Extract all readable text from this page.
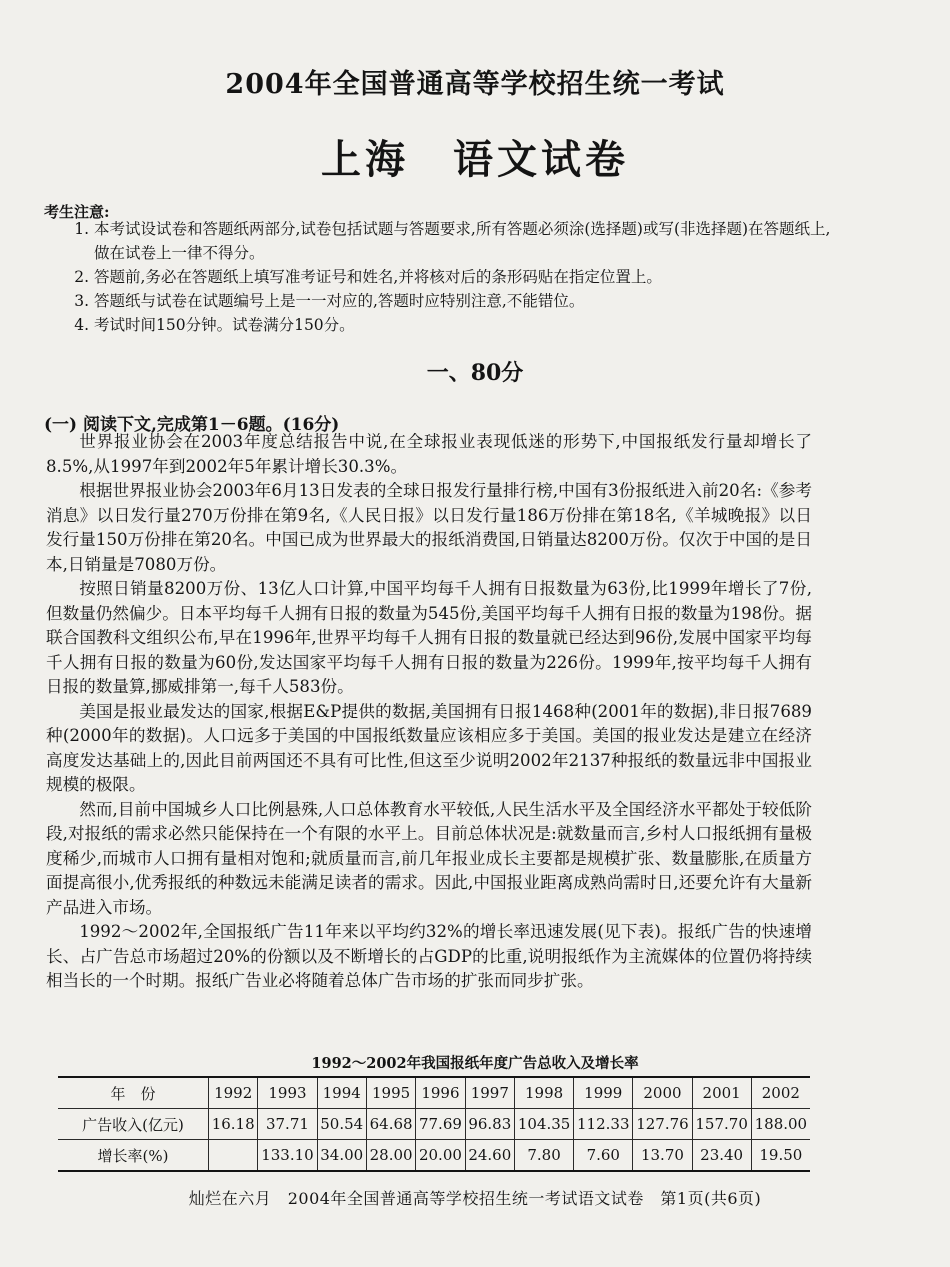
2004年全国普通高等学校招生统一考试
上海 语文试卷
考生注意:
1. 本考试设试卷和答题纸两部分,试卷包括试题与答题要求,所有答题必须涂(选择题)或写(非选择题)在答题纸上,做在试卷上一律不得分。
2. 答题前,务必在答题纸上填写准考证号和姓名,并将核对后的条形码贴在指定位置上。
3. 答题纸与试卷在试题编号上是一一对应的,答题时应特别注意,不能错位。
4. 考试时间150分钟。试卷满分150分。
一、80分
(一) 阅读下文,完成第1－6题。(16分)

世界报业协会在2003年度总结报告中说,在全球报业表现低迷的形势下,中国报纸发行量却增长了8.5%,从1997年到2002年5年累计增长30.3%。

根据世界报业协会2003年6月13日发表的全球日报发行量排行榜,中国有3份报纸进入前20名:《参考消息》以日发行量270万份排在第9名,《人民日报》以日发行量186万份排在第18名,《羊城晚报》以日发行量150万份排在第20名。中国已成为世界最大的报纸消费国,日销量达8200万份。仅次于中国的是日本,日销量是7080万份。

按照日销量8200万份、13亿人口计算,中国平均每千人拥有日报数量为63份,比1999年增长了7份,但数量仍然偏少。日本平均每千人拥有日报的数量为545份,美国平均每千人拥有日报的数量为198份。据联合国教科文组织公布,早在1996年,世界平均每千人拥有日报的数量就已经达到96份,发展中国家平均每千人拥有日报的数量为60份,发达国家平均每千人拥有日报的数量为226份。1999年,按平均每千人拥有日报的数量算,挪威排第一,每千人583份。

美国是报业最发达的国家,根据E&P提供的数据,美国拥有日报1468种(2001年的数据),非日报7689种(2000年的数据)。人口远多于美国的中国报纸数量应该相应多于美国。美国的报业发达是建立在经济高度发达基础上的,因此目前两国还不具有可比性,但这至少说明2002年2137种报纸的数量远非中国报业规模的极限。

然而,目前中国城乡人口比例悬殊,人口总体教育水平较低,人民生活水平及全国经济水平都处于较低阶段,对报纸的需求必然只能保持在一个有限的水平上。目前总体状况是:就数量而言,乡村人口报纸拥有量极度稀少,而城市人口拥有量相对饱和;就质量而言,前几年报业成长主要都是规模扩张、数量膨胀,在质量方面提高很小,优秀报纸的种数远未能满足读者的需求。因此,中国报业距离成熟尚需时日,还要允许有大量新产品进入市场。

1992～2002年,全国报纸广告11年来以平均约32%的增长率迅速发展(见下表)。报纸广告的快速增长、占广告总市场超过20%的份额以及不断增长的占GDP的比重,说明报纸作为主流媒体的位置仍将持续相当长的一个时期。报纸广告业必将随着总体广告市场的扩张而同步扩张。

1992～2002年我国报纸年度广告总收入及增长率
年　份	1992	1993	1994	1995	1996	1997	1998	1999	2000	2001	2002
广告收入(亿元)	16.18	37.71	50.54	64.68	77.69	96.83	104.35	112.33	127.76	157.70	188.00
增长率(%)		133.10	34.00	28.00	20.00	24.60	7.80	7.60	13.70	23.40	19.50
灿烂在六月　2004年全国普通高等学校招生统一考试语文试卷　第1页(共6页)
